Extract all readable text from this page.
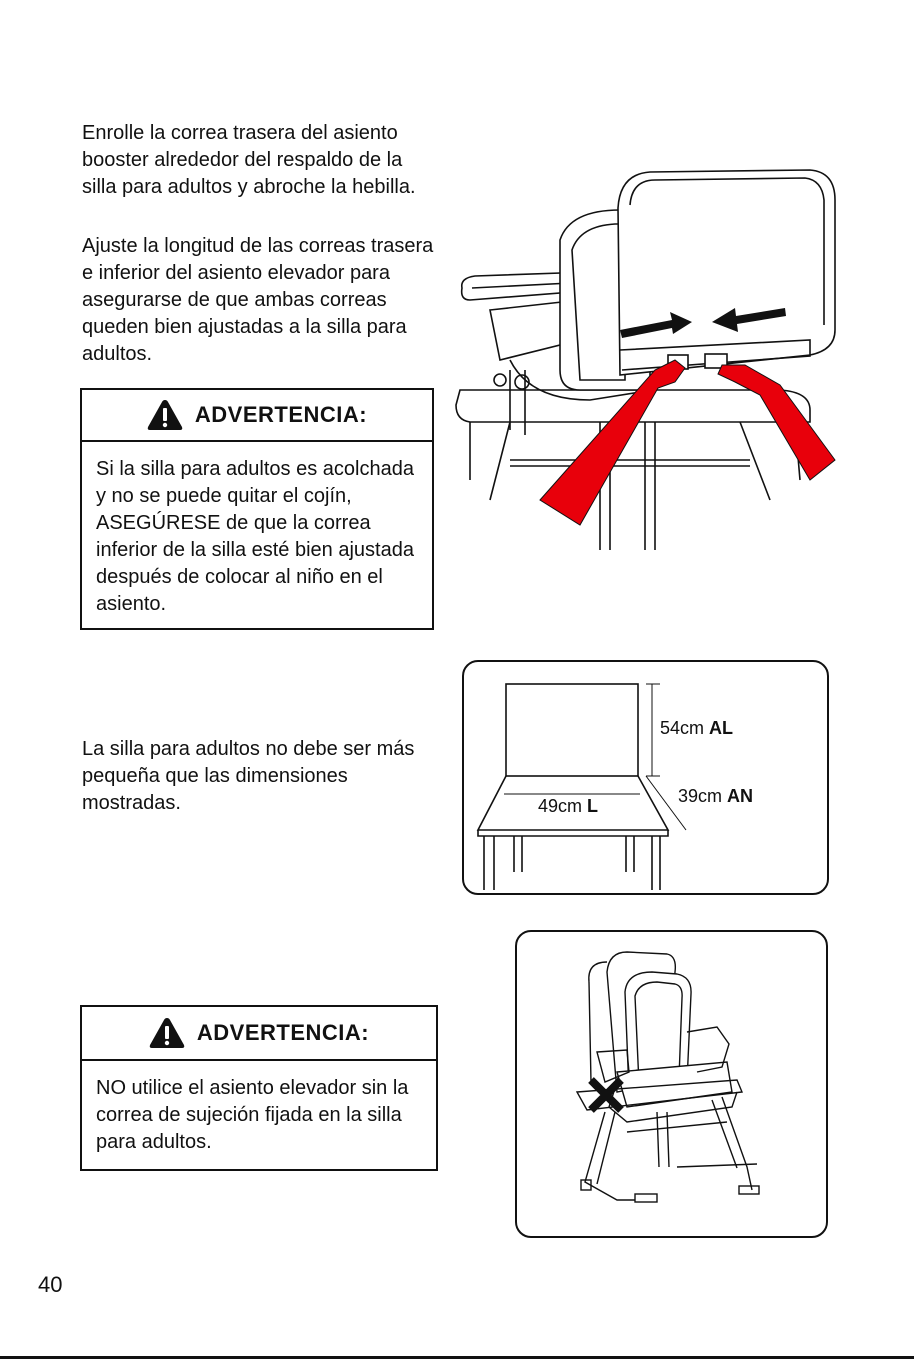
Enrolle la correa trasera del asiento booster alrededor del respaldo de la silla para adultos y abroche la hebilla.

Ajuste la longitud de las correas trasera e inferior del asiento elevador para asegurarse de que ambas correas queden bien ajustadas a la silla para adultos.

ADVERTENCIA:
Si la silla para adultos es acolchada y no se puede quitar el cojín, ASEGÚRESE de que la correa inferior de la silla esté bien ajustada después de colocar al niño en el asiento.

La silla para adultos no debe ser más pequeña que las dimensiones mostradas.

54cm AL
39cm AN
49cm L
ADVERTENCIA:
NO utilice el asiento elevador sin la correa de sujeción fijada en la silla para adultos.
40
